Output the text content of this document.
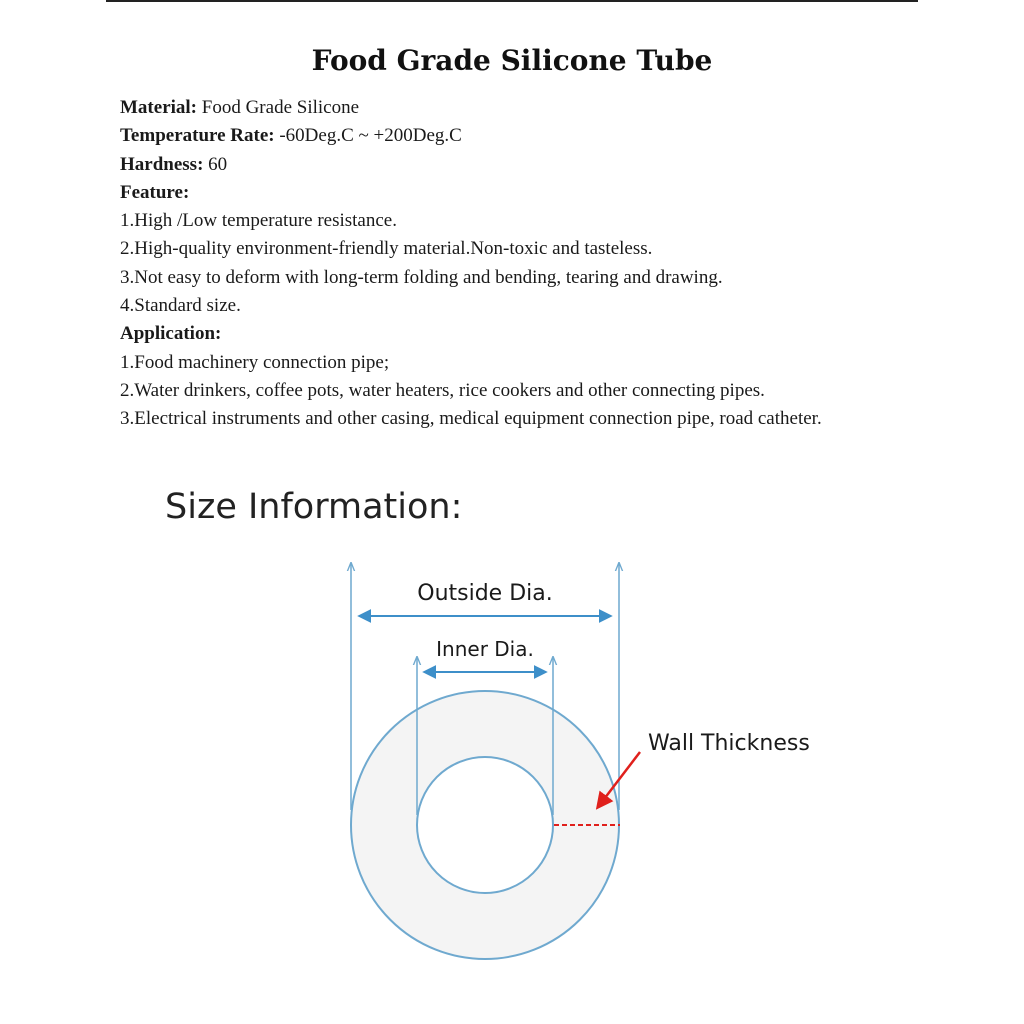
Food Grade Silicone Tube
Material: Food Grade Silicone
Temperature Rate: -60Deg.C ~ +200Deg.C
Hardness: 60
Feature:
1.High /Low temperature resistance.
2.High-quality environment-friendly material.Non-toxic and tasteless.
3.Not easy to deform with long-term folding and bending, tearing and drawing.
4.Standard size.
Application:
1.Food machinery connection pipe;
2.Water drinkers, coffee pots, water heaters, rice cookers and other connecting pipes.
3.Electrical instruments and other casing, medical equipment connection pipe, road catheter.
Size Information:
Outside Dia.
Inner Dia.
Wall Thickness
